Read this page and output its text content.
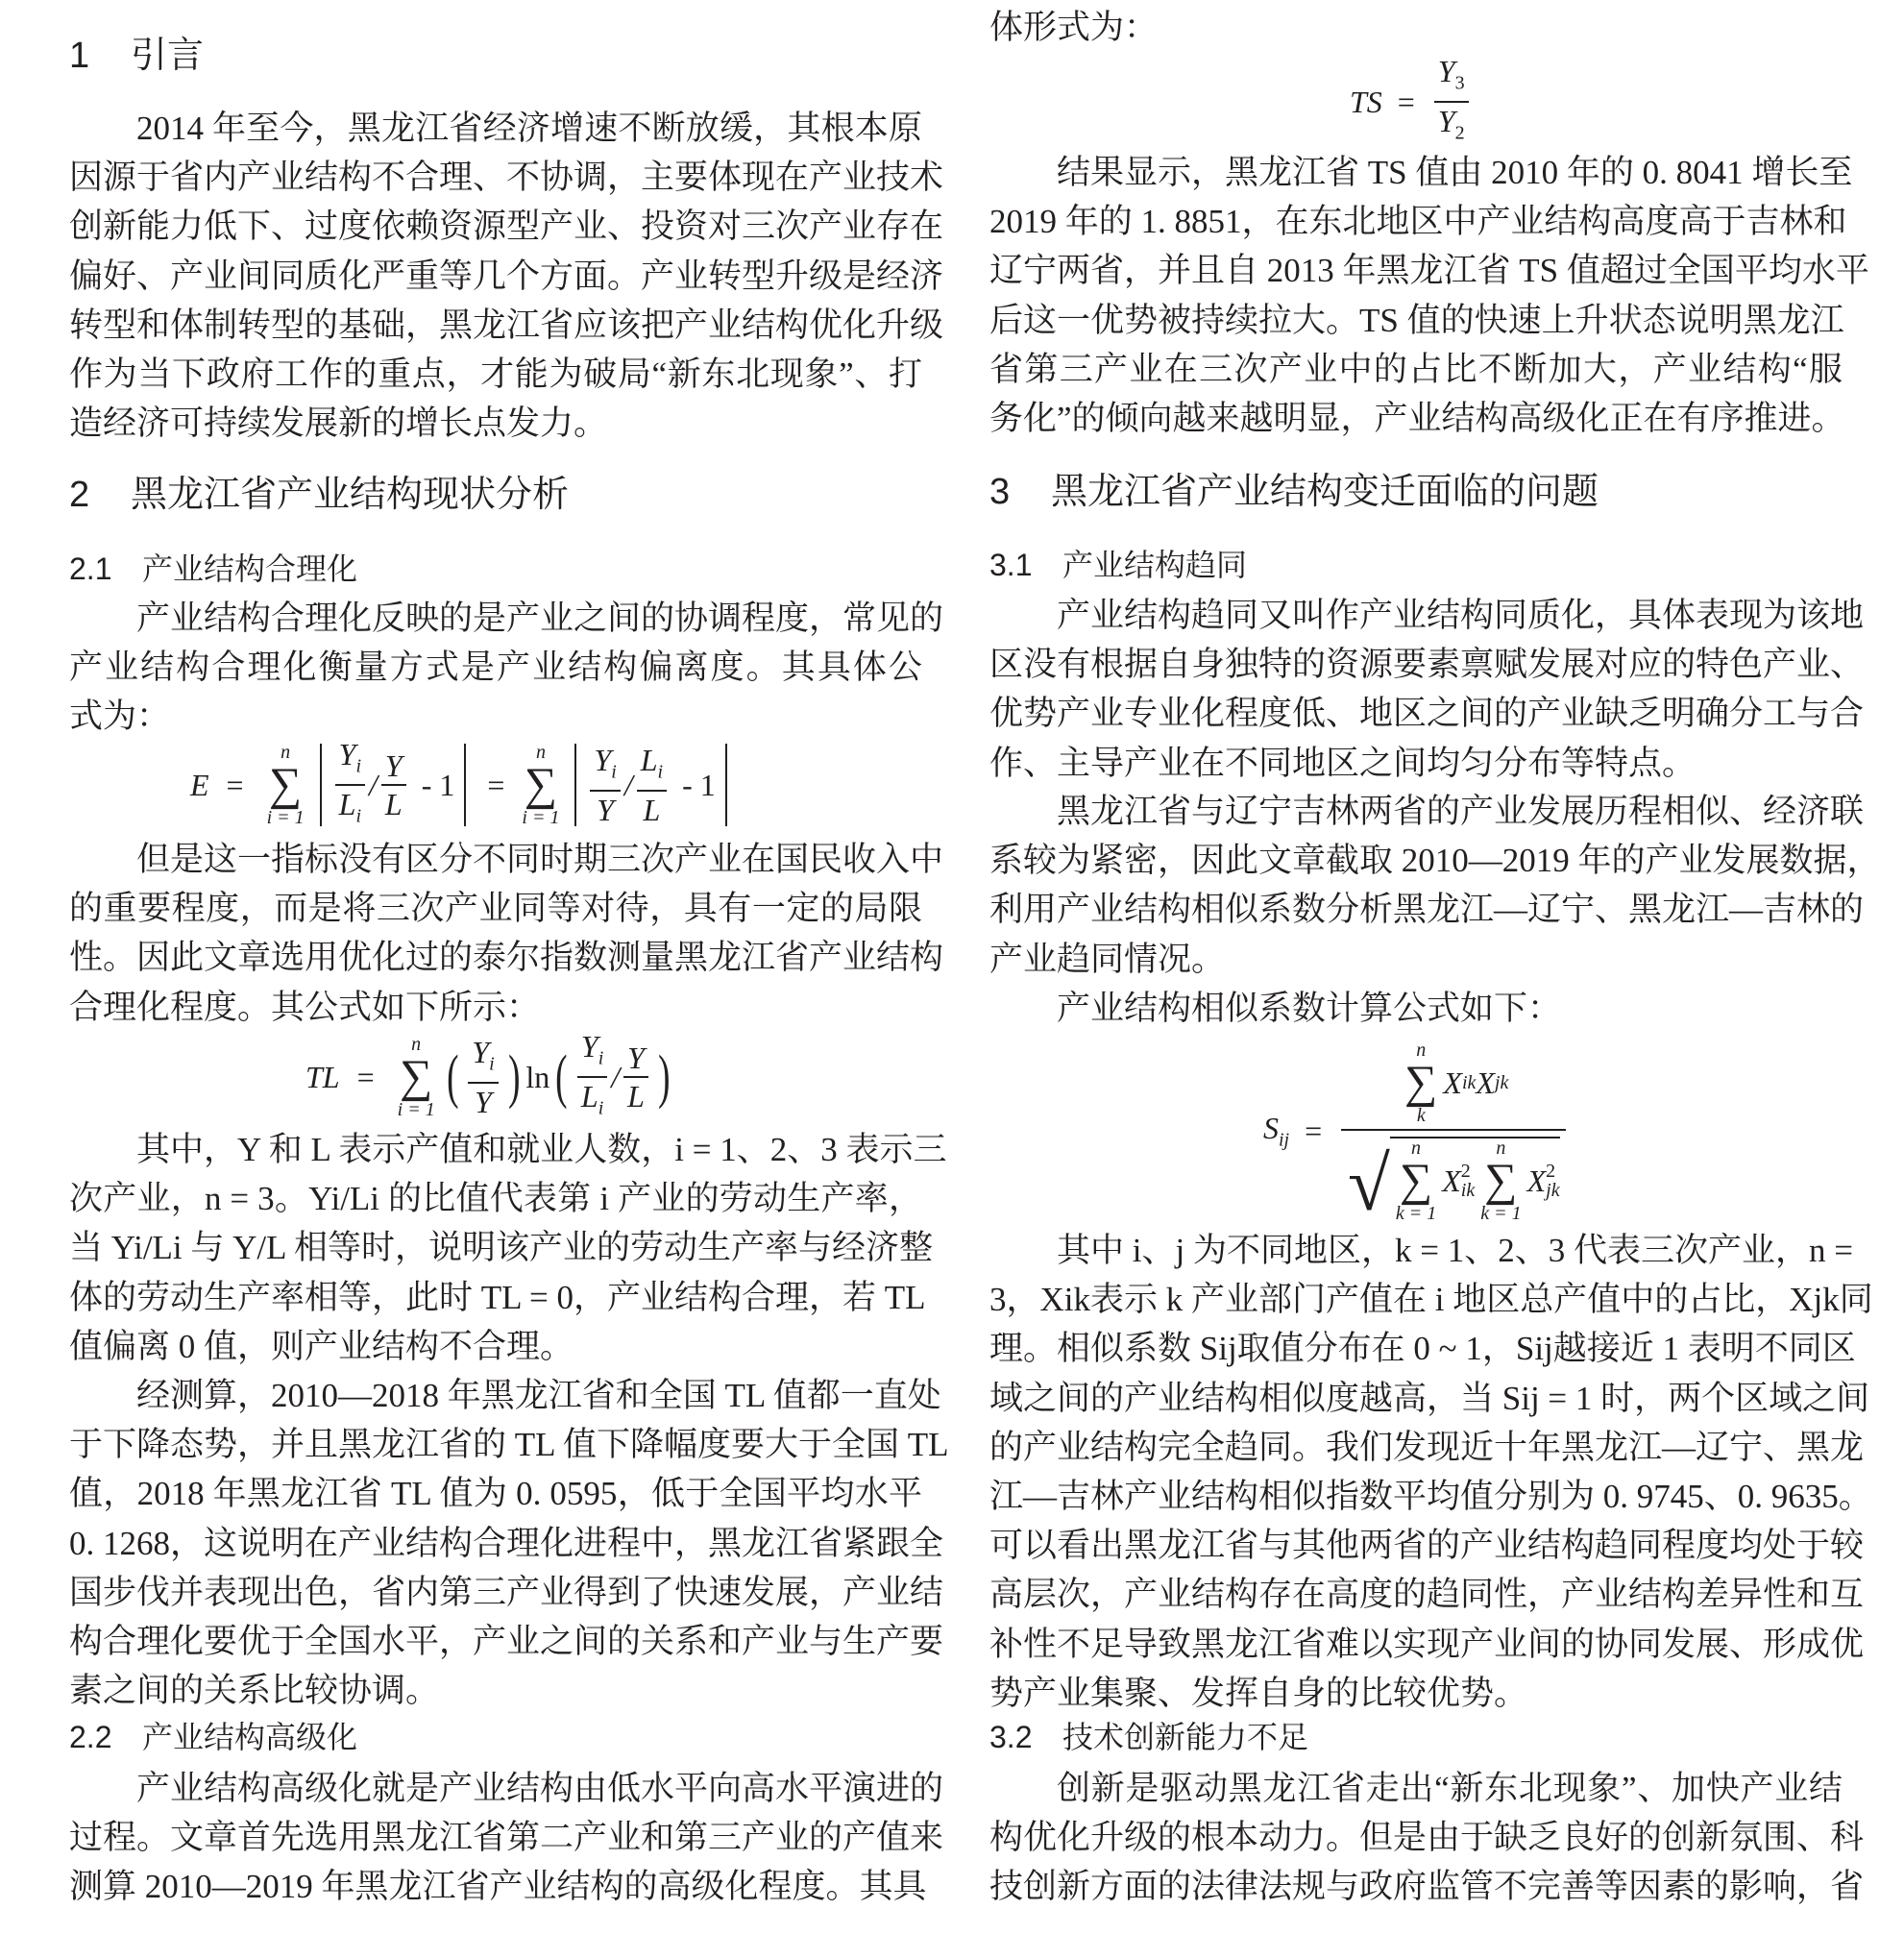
1 引言
2 黑龙江省产业结构现状分析
2.1 产业结构合理化
2.2 产业结构高级化
3 黑龙江省产业结构变迁面临的问题
3.1 产业结构趋同
3.2 技术创新能力不足
2014 年至今，黑龙江省经济增速不断放缓，其根本原
因源于省内产业结构不合理、不协调，主要体现在产业技术
创新能力低下、过度依赖资源型产业、投资对三次产业存在
偏好、产业间同质化严重等几个方面。产业转型升级是经济
转型和体制转型的基础，黑龙江省应该把产业结构优化升级
作为当下政府工作的重点，才能为破局“新东北现象”、打
造经济可持续发展新的增长点发力。
产业结构合理化反映的是产业之间的协调程度，常见的
产业结构合理化衡量方式是产业结构偏离度。其具体公
式为：
但是这一指标没有区分不同时期三次产业在国民收入中
的重要程度，而是将三次产业同等对待，具有一定的局限
性。因此文章选用优化过的泰尔指数测量黑龙江省产业结构
合理化程度。其公式如下所示：
其中，Y 和 L 表示产值和就业人数，i = 1、2、3 表示三
次产业，n = 3。Yi/Li 的比值代表第 i 产业的劳动生产率，
当 Yi/Li 与 Y/L 相等时，说明该产业的劳动生产率与经济整
体的劳动生产率相等，此时 TL = 0，产业结构合理，若 TL
值偏离 0 值，则产业结构不合理。
经测算，2010—2018 年黑龙江省和全国 TL 值都一直处
于下降态势，并且黑龙江省的 TL 值下降幅度要大于全国 TL
值，2018 年黑龙江省 TL 值为 0. 0595，低于全国平均水平
0. 1268，这说明在产业结构合理化进程中，黑龙江省紧跟全
国步伐并表现出色，省内第三产业得到了快速发展，产业结
构合理化要优于全国水平，产业之间的关系和产业与生产要
素之间的关系比较协调。
产业结构高级化就是产业结构由低水平向高水平演进的
过程。文章首先选用黑龙江省第二产业和第三产业的产值来
测算 2010—2019 年黑龙江省产业结构的高级化程度。其具
体形式为：
结果显示，黑龙江省 TS 值由 2010 年的 0. 8041 增长至
2019 年的 1. 8851，在东北地区中产业结构高度高于吉林和
辽宁两省，并且自 2013 年黑龙江省 TS 值超过全国平均水平
后这一优势被持续拉大。TS 值的快速上升状态说明黑龙江
省第三产业在三次产业中的占比不断加大，产业结构“服
务化”的倾向越来越明显，产业结构高级化正在有序推进。
产业结构趋同又叫作产业结构同质化，具体表现为该地
区没有根据自身独特的资源要素禀赋发展对应的特色产业、
优势产业专业化程度低、地区之间的产业缺乏明确分工与合
作、主导产业在不同地区之间均匀分布等特点。
黑龙江省与辽宁吉林两省的产业发展历程相似、经济联
系较为紧密，因此文章截取 2010—2019 年的产业发展数据，
利用产业结构相似系数分析黑龙江—辽宁、黑龙江—吉林的
产业趋同情况。
产业结构相似系数计算公式如下：
其中 i、j 为不同地区，k = 1、2、3 代表三次产业，n =
3，Xik表示 k 产业部门产值在 i 地区总产值中的占比，Xjk同
理。相似系数 Sij取值分布在 0 ~ 1，Sij越接近 1 表明不同区
域之间的产业结构相似度越高，当 Sij = 1 时，两个区域之间
的产业结构完全趋同。我们发现近十年黑龙江—辽宁、黑龙
江—吉林产业结构相似指数平均值分别为 0. 9745、0. 9635。
可以看出黑龙江省与其他两省的产业结构趋同程度均处于较
高层次，产业结构存在高度的趋同性，产业结构差异性和互
补性不足导致黑龙江省难以实现产业间的协同发展、形成优
势产业集聚、发挥自身的比较优势。
创新是驱动黑龙江省走出“新东北现象”、加快产业结
构优化升级的根本动力。但是由于缺乏良好的创新氛围、科
技创新方面的法律法规与政府监管不完善等因素的影响，省
E =
n
∑
$i = 1 \frac{Y_i}{L_i} / \frac{Y}{L} - 1$ =
n
∑
$i = 1 \frac{Y_i}{Y} / \frac{L_i}{L} - 1$
TL =
n
∑
i = 1
( $\frac{Y_i}{Y}$ ) ln ( $\frac{Y_i}{L_i} / \frac{Y}{L}$ )
TS = $\frac{Y_3}{Y_2}$
$S_{ij}$ =
n
∑
k
X ik X jk
√ n
∑
k = 1
X 2
ik
n
∑
k = 1
X 2
jk
